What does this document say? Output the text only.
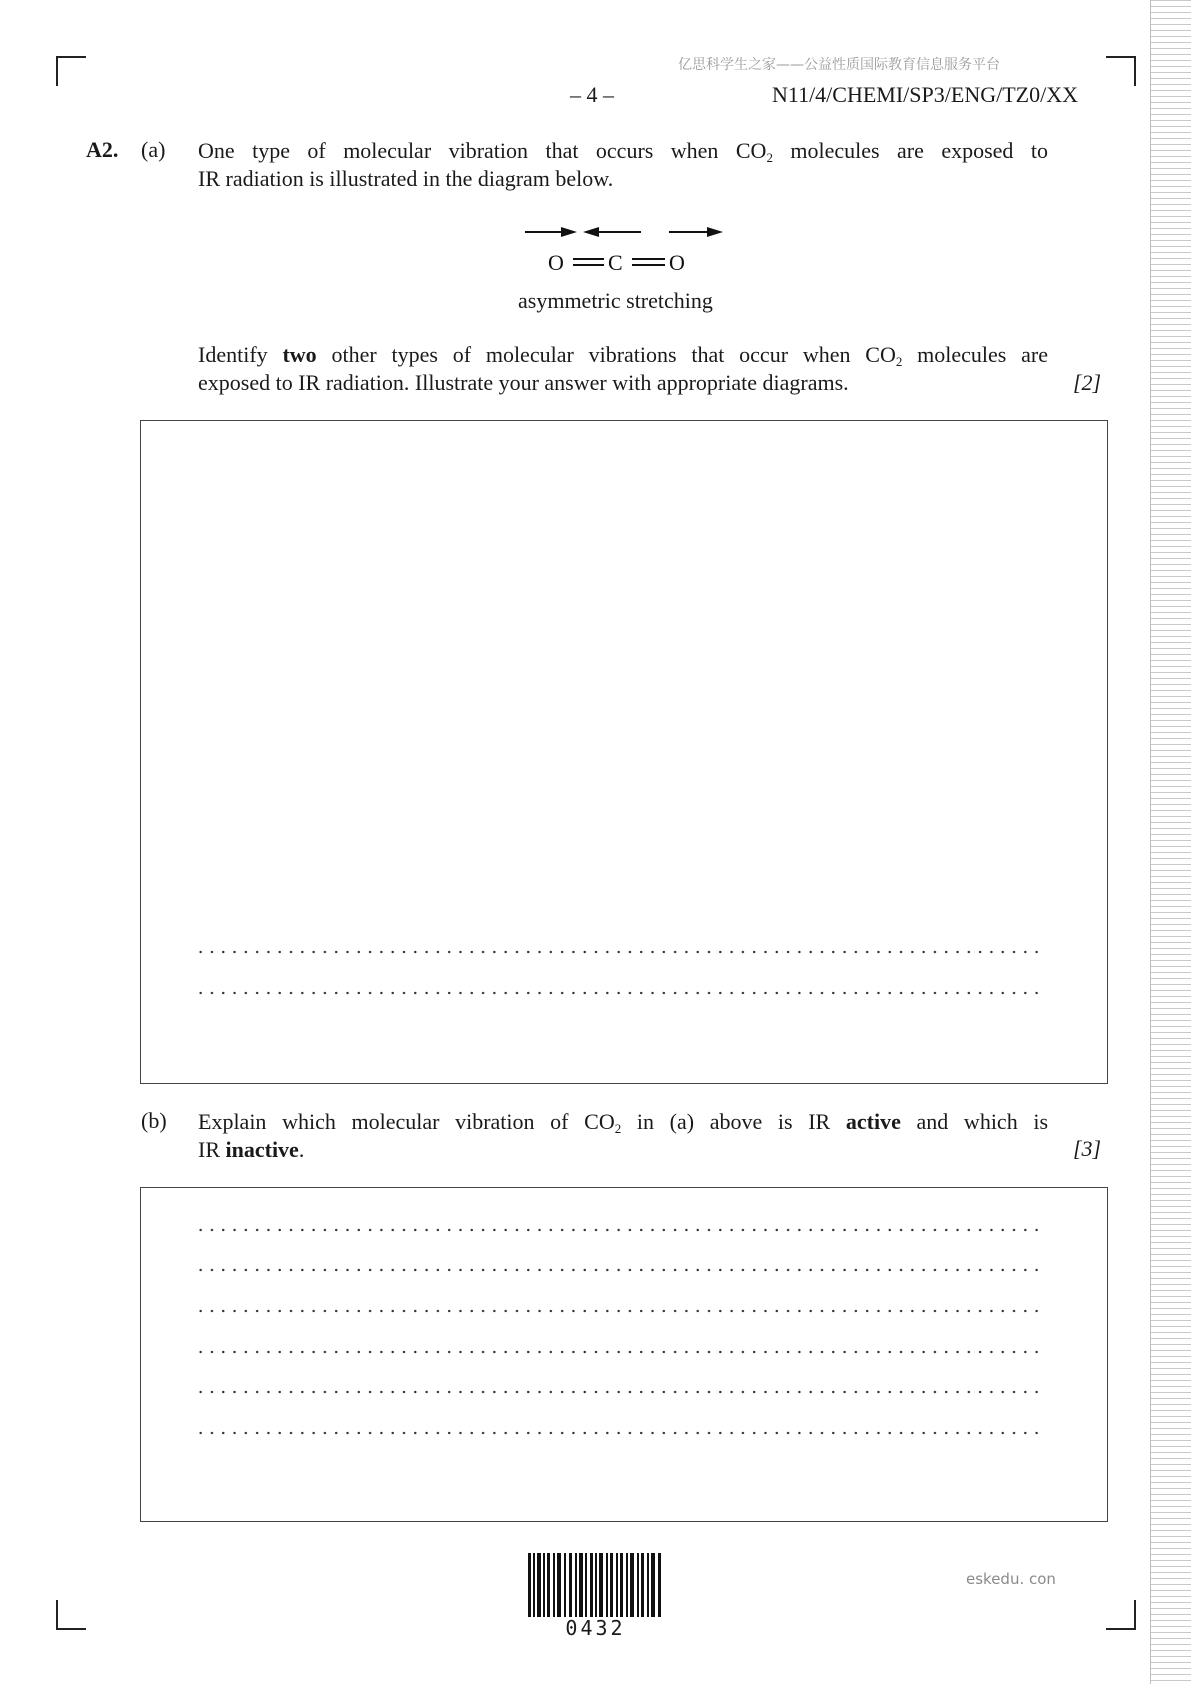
亿思科学生之家——公益性质国际教育信息服务平台
– 4 –	N11/4/CHEMI/SP3/ENG/TZ0/XX
A2. (a) One type of molecular vibration that occurs when $CO_2$ molecules are exposed to
IR radiation is illustrated in the diagram below.
O C O
asymmetric stretching
Identify two other types of molecular vibrations that occur when $CO_2$ molecules are
exposed to IR radiation. Illustrate your answer with appropriate diagrams.	[2]
(b) Explain which molecular vibration of $CO_2$ in (a) above is IR active and which is
IR inactive.	[3]
0432
eskedu. con
